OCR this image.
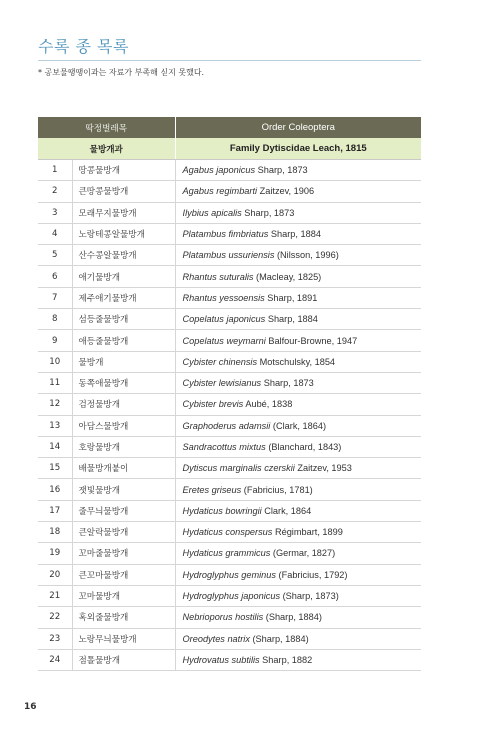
수록 종 목록
* 공보물땡땡이과는 자료가 부족해 싣지 못했다.
딱정벌레목		Order Coleoptera
물방개과		Family Dytiscidae Leach, 1815
1	땅콩물방개	Agabus japonicus Sharp, 1873
2	큰땅콩물방개	Agabus regimbarti Zaitzev, 1906
3	모래무지물방개	Ilybius apicalis Sharp, 1873
4	노랑테콩알물방개	Platambus fimbriatus Sharp, 1884
5	산수콩알물방개	Platambus ussuriensis (Nilsson, 1996)
6	애기물방개	Rhantus suturalis (Macleay, 1825)
7	제주애기물방개	Rhantus yessoensis Sharp, 1891
8	섬등줄물방개	Copelatus japonicus Sharp, 1884
9	애등줄물방개	Copelatus weymarni Balfour-Browne, 1947
10	물방개	Cybister chinensis Motschulsky, 1854
11	동쪽애물방개	Cybister lewisianus Sharp, 1873
12	검정물방개	Cybister brevis Aubé, 1838
13	아담스물방개	Graphoderus adamsii (Clark, 1864)
14	호랑물방개	Sandracottus mixtus (Blanchard, 1843)
15	배물방개붙이	Dytiscus marginalis czerskii Zaitzev, 1953
16	잿빛물방개	Eretes griseus (Fabricius, 1781)
17	줄무늬물방개	Hydaticus bowringii Clark, 1864
18	큰알락물방개	Hydaticus conspersus Régimbart, 1899
19	꼬마줄물방개	Hydaticus grammicus (Germar, 1827)
20	큰꼬마물방개	Hydroglyphus geminus (Fabricius, 1792)
21	꼬마물방개	Hydroglyphus japonicus (Sharp, 1873)
22	혹외줄물방개	Nebrioporus hostilis (Sharp, 1884)
23	노랑무늬물방개	Oreodytes natrix (Sharp, 1884)
24	점톨물방개	Hydrovatus subtilis Sharp, 1882
16
